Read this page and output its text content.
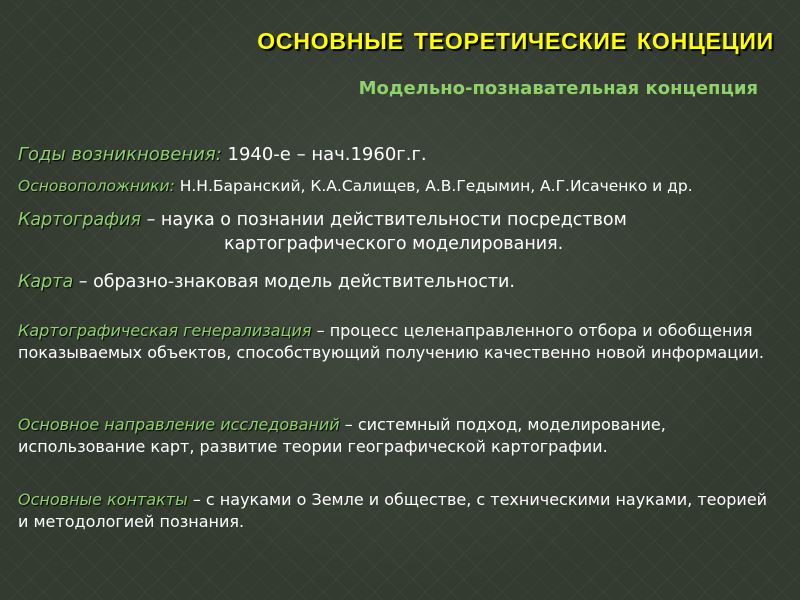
ОСНОВНЫЕ ТЕОРЕТИЧЕСКИЕ КОНЦЕЦИИ
Модельно-познавательная концепция
Годы возникновения: 1940-е – нач.1960г.г.
Основоположники: Н.Н.Баранский, К.А.Салищев, А.В.Гедымин, А.Г.Исаченко и др.
Картография – наука о познании действительности посредством
картографического моделирования.
Карта – образно-знаковая модель действительности.
Картографическая генерализация – процесс целенаправленного отбора и обобщения показываемых объектов, способствующий получению качественно новой информации.
Основное направление исследований – системный подход, моделирование, использование карт, развитие теории географической картографии.
Основные контакты – с науками о Земле и обществе, с техническими науками, теорией и методологией познания.
